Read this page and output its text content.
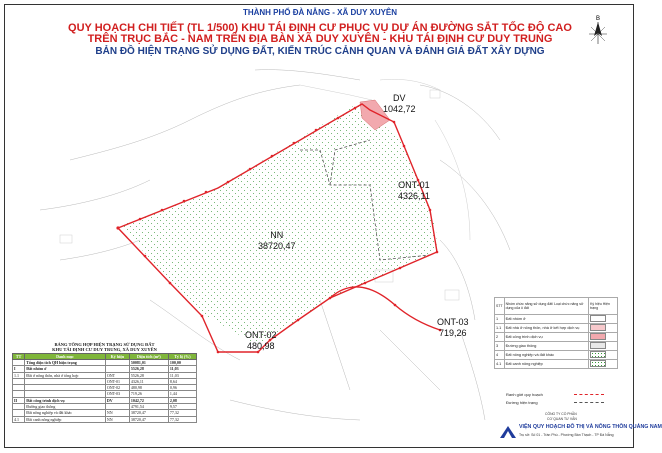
THÀNH PHỐ ĐÀ NẴNG - XÃ DUY XUYÊN
QUY HOẠCH CHI TIẾT (TL 1/500) KHU TÁI ĐỊNH CƯ PHỤC VỤ DỰ ÁN ĐƯỜNG SẮT TỐC ĐỘ CAO
TRÊN TRỤC BẮC - NAM TRÊN ĐỊA BÀN XÃ DUY XUYÊN - KHU TÁI ĐỊNH CƯ DUY TRUNG
BẢN ĐỒ HIỆN TRẠNG SỬ DỤNG ĐẤT, KIẾN TRÚC CẢNH QUAN VÀ ĐÁNH GIÁ ĐẤT XÂY DỰNG
B
DV
1042,72
ONT-01
4326,11
NN
38720,47
ONT-02
480,98
ONT-03
719,26
BẢNG TỔNG HỢP HIỆN TRẠNG SỬ DỤNG ĐẤT
KHU TÁI ĐỊNH CƯ DUY TRUNG, XÃ DUY XUYÊN
TT	Danh mục	Ký hiệu	Diện tích (m²)	Tỷ lệ (%)
	Tổng diện tích QH hiện trạng		50081,01	100,00
I	Đất nhóm ở		5526,28	11,03
1.1	Đất ở nông thôn, nhà ở tổng hợp	ONT	5526,28	11,03
		ONT-01	4326,11	8,64
		ONT-02	480,98	0,96
		ONT-03	719,26	1,44
II	Đất công trình dịch vụ	DV	1042,72	2,08
	Đường giao thông		4791,54	9,57
	Đất nông nghiệp và đất khác	NN	38720,47	77,32
4.1	Đất canh nông nghiệp	NN	38720,47	77,32
STT	Nhóm chức năng sử dụng đất/ Loại chức năng sử dụng của ô đất	Ký hiệu Hiện trạng
1	Đất nhóm ở	
1.1	Đất nhà ở nông thôn, nhà ở kết hợp dịch vụ	
2	Đất công trình dịch vụ	
3	Đường giao thông	
4	Đất nông nghiệp và đất khác	
4.1	Đất canh nông nghiệp	
Ranh giới quy hoạch
Đường hiện trạng
CÔNG TY CỔ PHẦN
CƠ QUAN TƯ VẤN
VIỆN QUY HOẠCH ĐÔ THỊ VÀ NÔNG THÔN QUẢNG NAM
Trụ sở: Số 01 - Trần Phú - Phường Bàn Thạch - TP Đà Nẵng
